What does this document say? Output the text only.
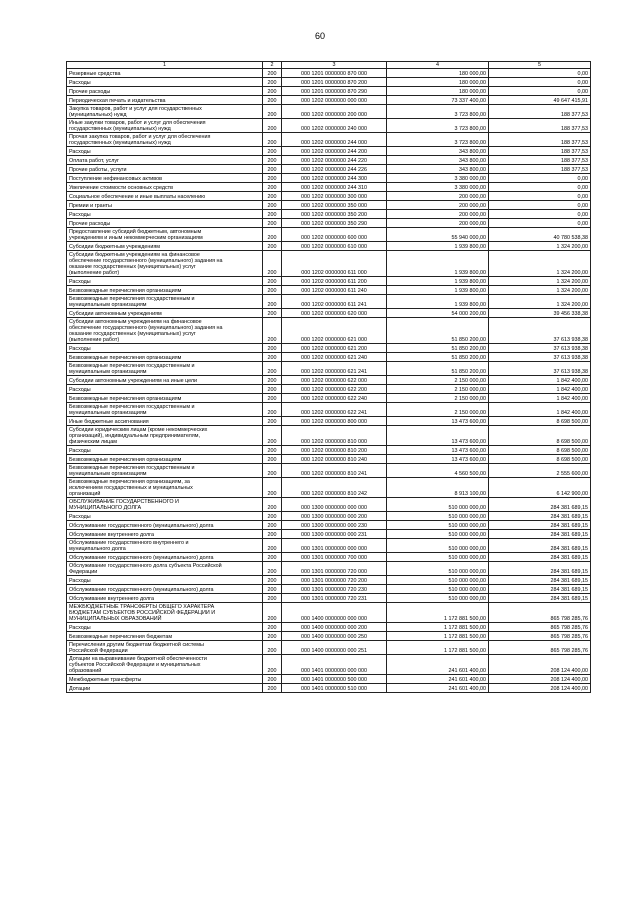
60
1	2	3	4	5
Резервные средства	200	000 1201 0000000 870 000	180 000,00	0,00
Расходы	200	000 1201 0000000 870 200	180 000,00	0,00
Прочие расходы	200	000 1201 0000000 870 290	180 000,00	0,00
Периодическая печать и издательства	200	000 1202 0000000 000 000	73 337 400,00	49 647 415,91
Закупка товаров, работ и услуг для государственных
(муниципальных) нужд	200	000 1202 0000000 200 000	3 723 800,00	188 377,53
Иные закупки товаров, работ и услуг для обеспечения
государственных (муниципальных) нужд	200	000 1202 0000000 240 000	3 723 800,00	188 377,53
Прочая закупка товаров, работ и услуг для обеспечения
государственных (муниципальных) нужд	200	000 1202 0000000 244 000	3 723 800,00	188 377,53
Расходы	200	000 1202 0000000 244 200	343 800,00	188 377,53
Оплата работ, услуг	200	000 1202 0000000 244 220	343 800,00	188 377,53
Прочие работы, услуги	200	000 1202 0000000 244 226	343 800,00	188 377,53
Поступление нефинансовых активов	200	000 1202 0000000 244 300	3 380 000,00	0,00
Увеличение стоимости основных средств	200	000 1202 0000000 244 310	3 380 000,00	0,00
Социальное обеспечение и иные выплаты населению	200	000 1202 0000000 300 000	200 000,00	0,00
Премии и гранты	200	000 1202 0000000 350 000	200 000,00	0,00
Расходы	200	000 1202 0000000 350 200	200 000,00	0,00
Прочие расходы	200	000 1202 0000000 350 290	200 000,00	0,00
Предоставление субсидий бюджетным, автономным
учреждениям и иным некоммерческим организациям	200	000 1202 0000000 600 000	55 940 000,00	40 780 538,38
Субсидии бюджетным учреждениям	200	000 1202 0000000 610 000	1 939 800,00	1 324 200,00
Субсидии бюджетным учреждениям на финансовое
обеспечение государственного (муниципального) задания на
оказание государственных (муниципальных) услуг
(выполнение работ)	200	000 1202 0000000 611 000	1 939 800,00	1 324 200,00
Расходы	200	000 1202 0000000 611 200	1 939 800,00	1 324 200,00
Безвозмездные перечисления организациям	200	000 1202 0000000 611 240	1 939 800,00	1 324 200,00
Безвозмездные перечисления государственным и
муниципальным организациям	200	000 1202 0000000 611 241	1 939 800,00	1 324 200,00
Субсидии автономным учреждениям	200	000 1202 0000000 620 000	54 000 200,00	39 456 338,38
Субсидии автономным учреждениям на финансовое
обеспечение государственного (муниципального) задания на
оказание государственных (муниципальных) услуг
(выполнение работ)	200	000 1202 0000000 621 000	51 850 200,00	37 613 938,38
Расходы	200	000 1202 0000000 621 200	51 850 200,00	37 613 938,38
Безвозмездные перечисления организациям	200	000 1202 0000000 621 240	51 850 200,00	37 613 938,38
Безвозмездные перечисления государственным и
муниципальным организациям	200	000 1202 0000000 621 241	51 850 200,00	37 613 938,38
Субсидии автономным учреждениям на иные цели	200	000 1202 0000000 622 000	2 150 000,00	1 842 400,00
Расходы	200	000 1202 0000000 622 200	2 150 000,00	1 842 400,00
Безвозмездные перечисления организациям	200	000 1202 0000000 622 240	2 150 000,00	1 842 400,00
Безвозмездные перечисления государственным и
муниципальным организациям	200	000 1202 0000000 622 241	2 150 000,00	1 842 400,00
Иные бюджетные ассигнования	200	000 1202 0000000 800 000	13 473 600,00	8 698 500,00
Субсидии юридическим лицам (кроме некоммерческих
организаций), индивидуальным предпринимателям,
физическим лицам	200	000 1202 0000000 810 000	13 473 600,00	8 698 500,00
Расходы	200	000 1202 0000000 810 200	13 473 600,00	8 698 500,00
Безвозмездные перечисления организациям	200	000 1202 0000000 810 240	13 473 600,00	8 698 500,00
Безвозмездные перечисления государственным и
муниципальным организациям	200	000 1202 0000000 810 241	4 560 500,00	2 555 600,00
Безвозмездные перечисления организациям, за
исключением государственных и муниципальных
организаций	200	000 1202 0000000 810 242	8 913 100,00	6 142 900,00
ОБСЛУЖИВАНИЕ ГОСУДАРСТВЕННОГО И
МУНИЦИПАЛЬНОГО ДОЛГА	200	000 1300 0000000 000 000	510 000 000,00	284 381 689,15
Расходы	200	000 1300 0000000 000 200	510 000 000,00	284 381 689,15
Обслуживание государственного (муниципального) долга	200	000 1300 0000000 000 230	510 000 000,00	284 381 689,15
Обслуживание внутреннего долга	200	000 1300 0000000 000 231	510 000 000,00	284 381 689,15
Обслуживание государственного внутреннего и
муниципального долга	200	000 1301 0000000 000 000	510 000 000,00	284 381 689,15
Обслуживание государственного (муниципального) долга	200	000 1301 0000000 700 000	510 000 000,00	284 381 689,15
Обслуживание государственного долга субъекта Российской
Федерации	200	000 1301 0000000 720 000	510 000 000,00	284 381 689,15
Расходы	200	000 1301 0000000 720 200	510 000 000,00	284 381 689,15
Обслуживание государственного (муниципального) долга	200	000 1301 0000000 720 230	510 000 000,00	284 381 689,15
Обслуживание внутреннего долга	200	000 1301 0000000 720 231	510 000 000,00	284 381 689,15
МЕЖБЮДЖЕТНЫЕ ТРАНСФЕРТЫ ОБЩЕГО ХАРАКТЕРА
БЮДЖЕТАМ СУБЪЕКТОВ РОССИЙСКОЙ ФЕДЕРАЦИИ И
МУНИЦИПАЛЬНЫХ ОБРАЗОВАНИЙ	200	000 1400 0000000 000 000	1 172 881 500,00	865 798 285,76
Расходы	200	000 1400 0000000 000 200	1 172 881 500,00	865 798 285,76
Безвозмездные перечисления бюджетам	200	000 1400 0000000 000 250	1 172 881 500,00	865 798 285,76
Перечисления другим бюджетам бюджетной системы
Российской Федерации	200	000 1400 0000000 000 251	1 172 881 500,00	865 798 285,76
Дотации на выравнивание бюджетной обеспеченности
субъектов Российской Федерации и муниципальных
образований	200	000 1401 0000000 000 000	241 601 400,00	208 124 400,00
Межбюджетные трансферты	200	000 1401 0000000 500 000	241 601 400,00	208 124 400,00
Дотации	200	000 1401 0000000 510 000	241 601 400,00	208 124 400,00
